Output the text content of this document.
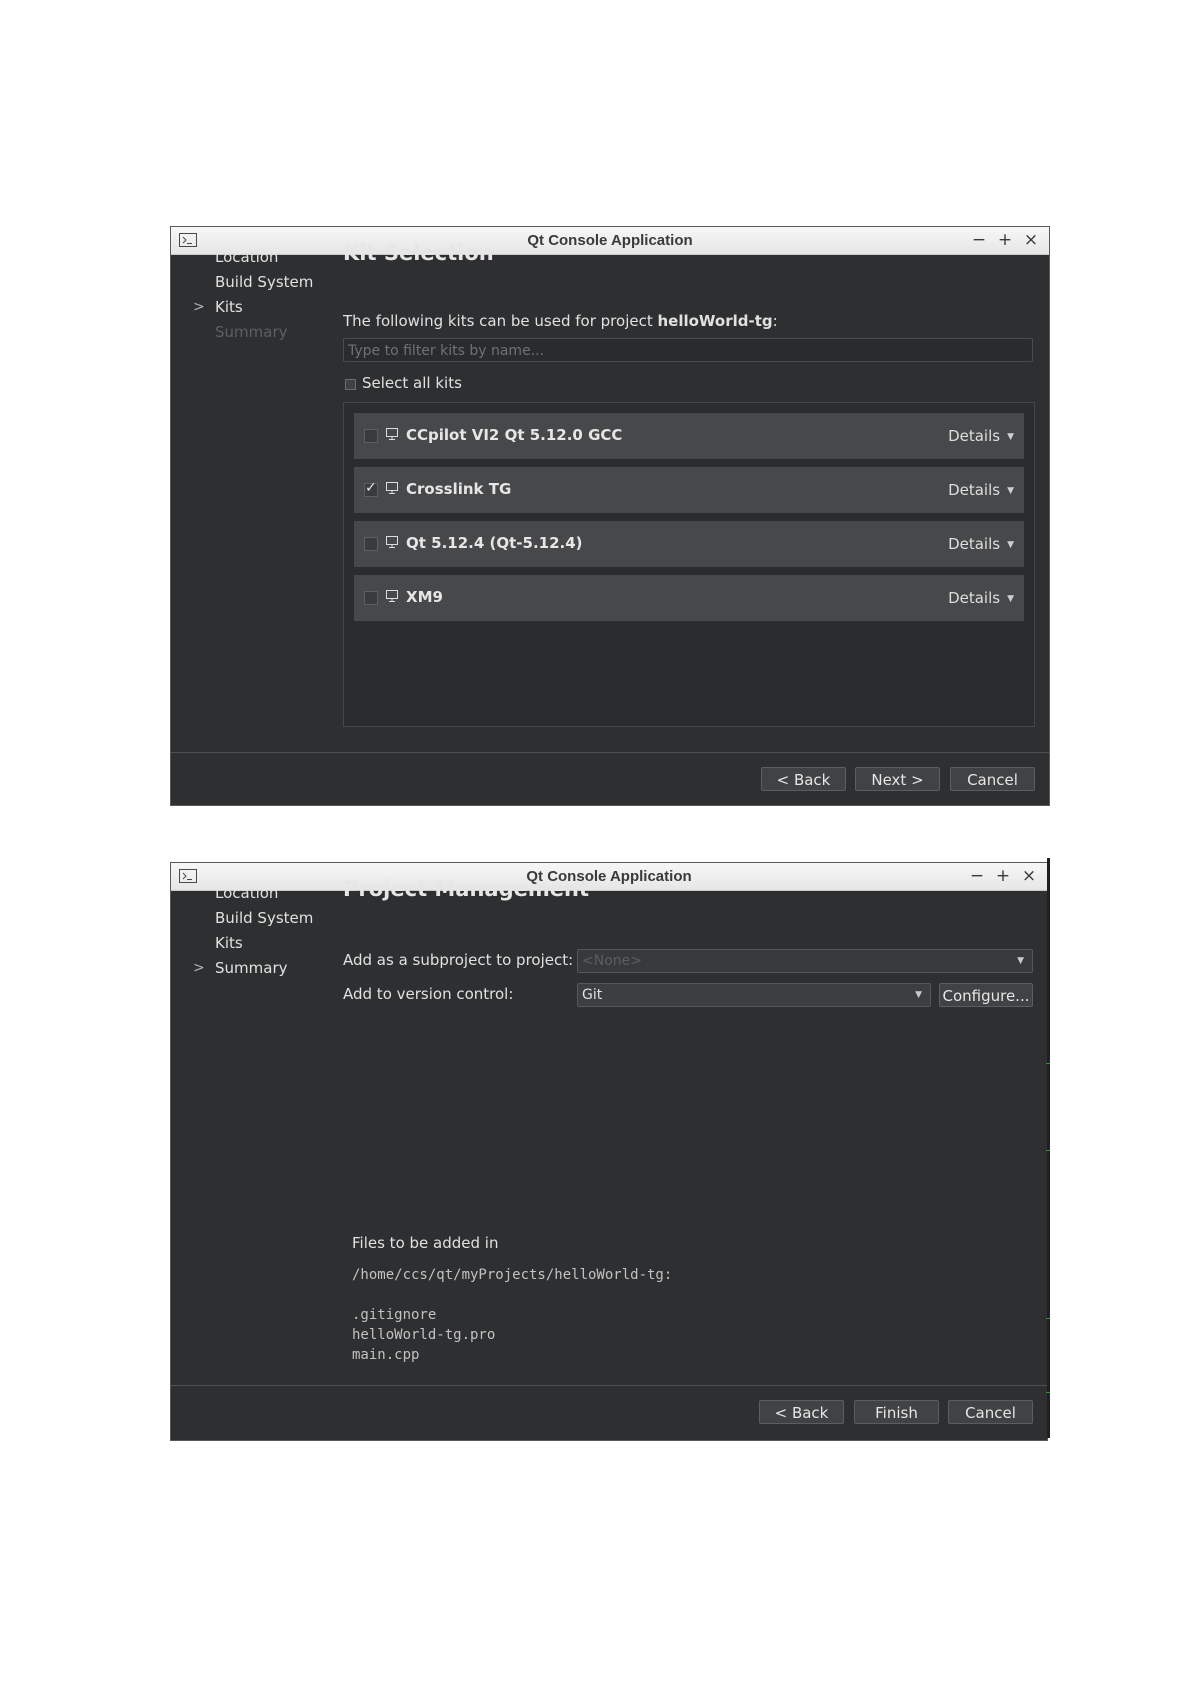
Qt Console Application	− + ×
Location
Build System
> Kits
Summary
Kit Selection
The following kits can be used for project helloWorld-tg:
Type to filter kits by name...
Select all kits
CCpilot VI2 Qt 5.12.0 GCC	Details ▼
✓ Crosslink TG	Details ▼
Qt 5.12.4 (Qt-5.12.4)	Details ▼
XM9	Details ▼
< Back	Next >	Cancel
Qt Console Application	− + ×
Location
Build System
Kits
> Summary
Project Management
Add as a subproject to project: <None>	▼
Add to version control:	Git	▼ Configure...
Files to be added in
/home/ccs/qt/myProjects/helloWorld-tg:
.gitignore
helloWorld-tg.pro
main.cpp
< Back	Finish	Cancel
